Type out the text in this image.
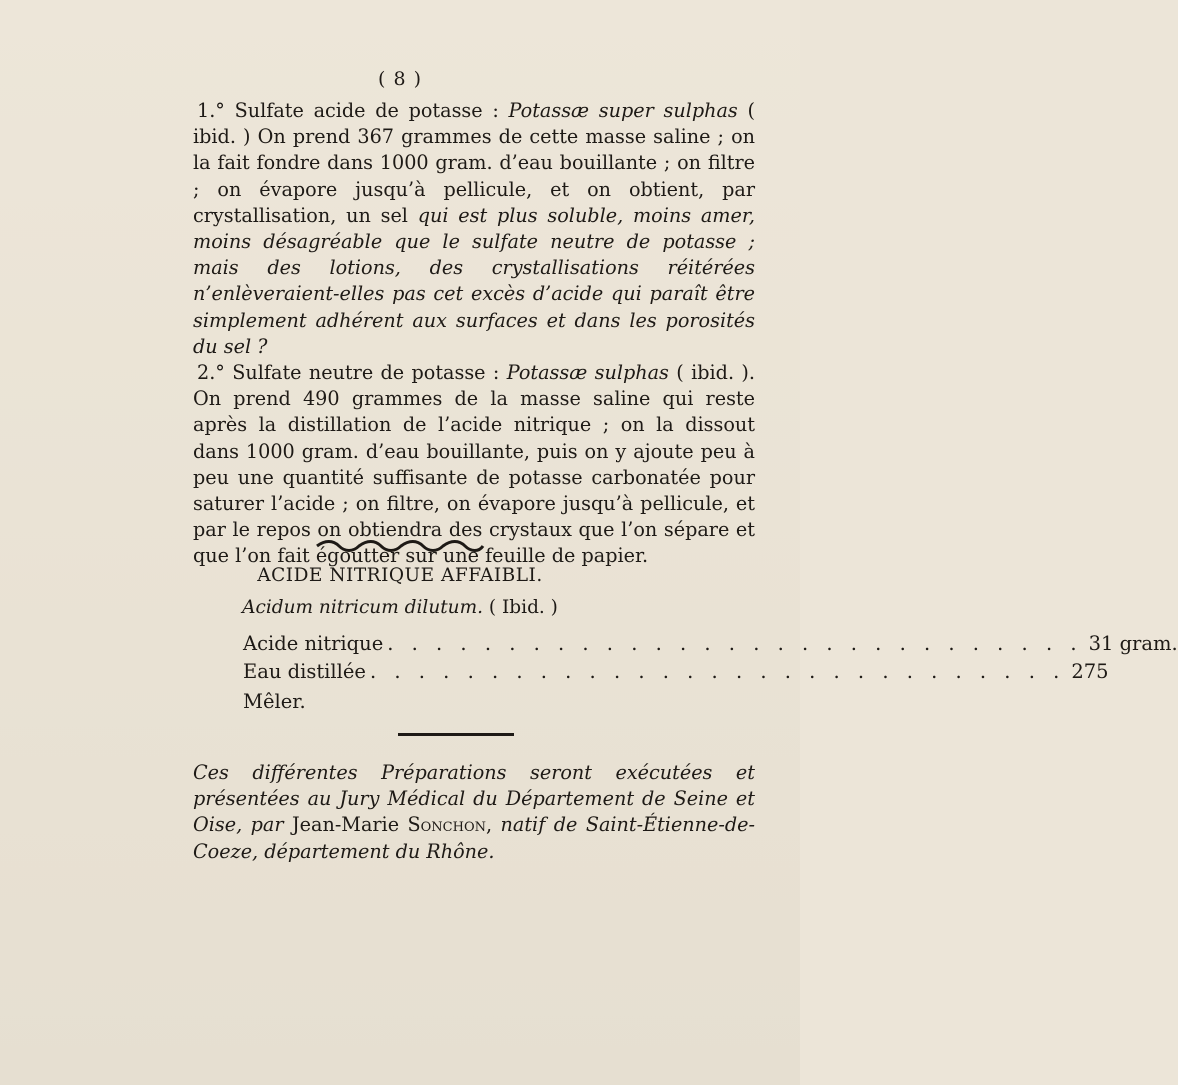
( 8 )

1.° Sulfate acide de potasse : Potassæ super sulphas ( ibid. ) On prend 367 grammes de cette masse saline ; on la fait fondre dans 1000 gram. d’eau bouillante ; on filtre ; on évapore jusqu’à pellicule, et on obtient, par crystallisation, un sel qui est plus soluble, moins amer, moins désagréable que le sulfate neutre de potasse ; mais des lotions, des crystallisations réitérées n’enlèveraient-elles pas cet excès d’acide qui paraît être simplement adhérent aux surfaces et dans les porosités du sel ?

2.° Sulfate neutre de potasse : Potassæ sulphas ( ibid. ). On prend 490 grammes de la masse saline qui reste après la distillation de l’acide nitrique ; on la dissout dans 1000 gram. d’eau bouillante, puis on y ajoute peu à peu une quantité suffisante de potasse carbonatée pour saturer l’acide ; on filtre, on évapore jusqu’à pellicule, et par le repos on obtiendra des crystaux que l’on sépare et que l’on fait égoutter sur une feuille de papier.

ACIDE NITRIQUE AFFAIBLI.
Acidum nitricum dilutum. ( Ibid. )
Acide nitrique . . . . . . . . . . . . . . . . . . . . . . . . . . . . . 31 gram.
Eau distillée . . . . . . . . . . . . . . . . . . . . . . . . . . . . . 275
Mêler.
Ces différentes Préparations seront exécutées et présentées au Jury Médical du Département de Seine et Oise, par Jean-Marie Sonchon, natif de Saint-Étienne-de-Coeze, département du Rhône.
